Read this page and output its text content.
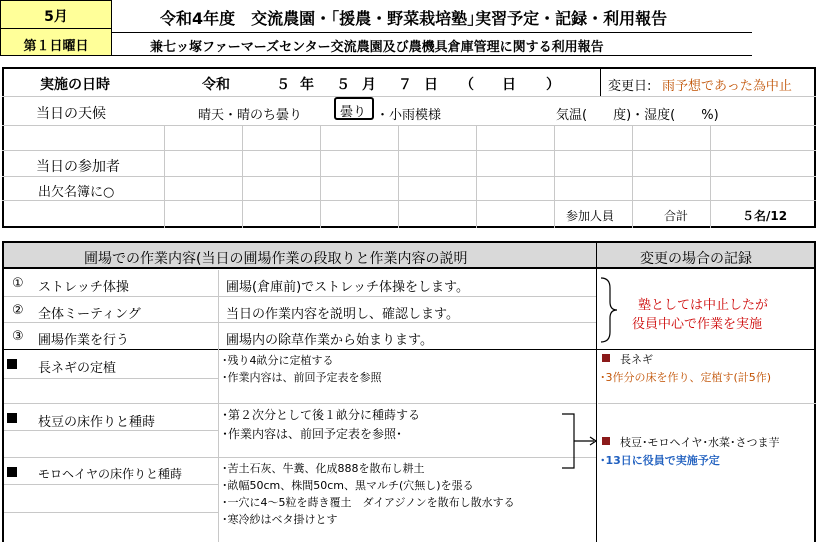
5月
第１日曜日
令和4年度　交流農園・｢援農・野菜栽培塾｣実習予定・記録・利用報告
兼七ッ塚ファーマーズセンター交流農園及び農機具倉庫管理に関する利用報告
実施の日時	令和	５ 年 ５ 月 ７ 日 （ 日 ）	変更日: 雨予想であった為中止
当日の天候	晴天・晴のち曇り	曇り ・小雨模様	気温(　　度)・湿度(　　%)
当日の参加者
出欠名簿に○
参加人員	合計	５名/12
圃場での作業内容(当日の圃場作業の段取りと作業内容の説明	変更の場合の記録
① ストレッチ体操	圃場(倉庫前)でストレッチ体操をします。
② 全体ミーティング	当日の作業内容を説明し、確認します。
③ 圃場作業を行う	圃場内の除草作業から始まります。
塾としては中止したが
役員中心で作業を実施
長ネギの定植
･残り4畝分に定植する
･作業内容は、前回予定表を参照
枝豆の床作りと種蒔	･第２次分として後１畝分に種蒔する
･作業内容は、前回予定表を参照･
モロヘイヤの床作りと種蒔	･苦土石灰、牛糞、化成888を散布し耕土
･畝幅50cm、株間50cm、黒マルチ(穴無し)を張る
･一穴に4～5粒を蒔き覆土　ダイアジノンを散布し散水する
･寒冷紗はベタ掛けとす
長ネギ
･3作分の床を作り、定植す(計5作)
枝豆･モロヘイヤ･水菜･さつま芋
･13日に役員で実施予定
